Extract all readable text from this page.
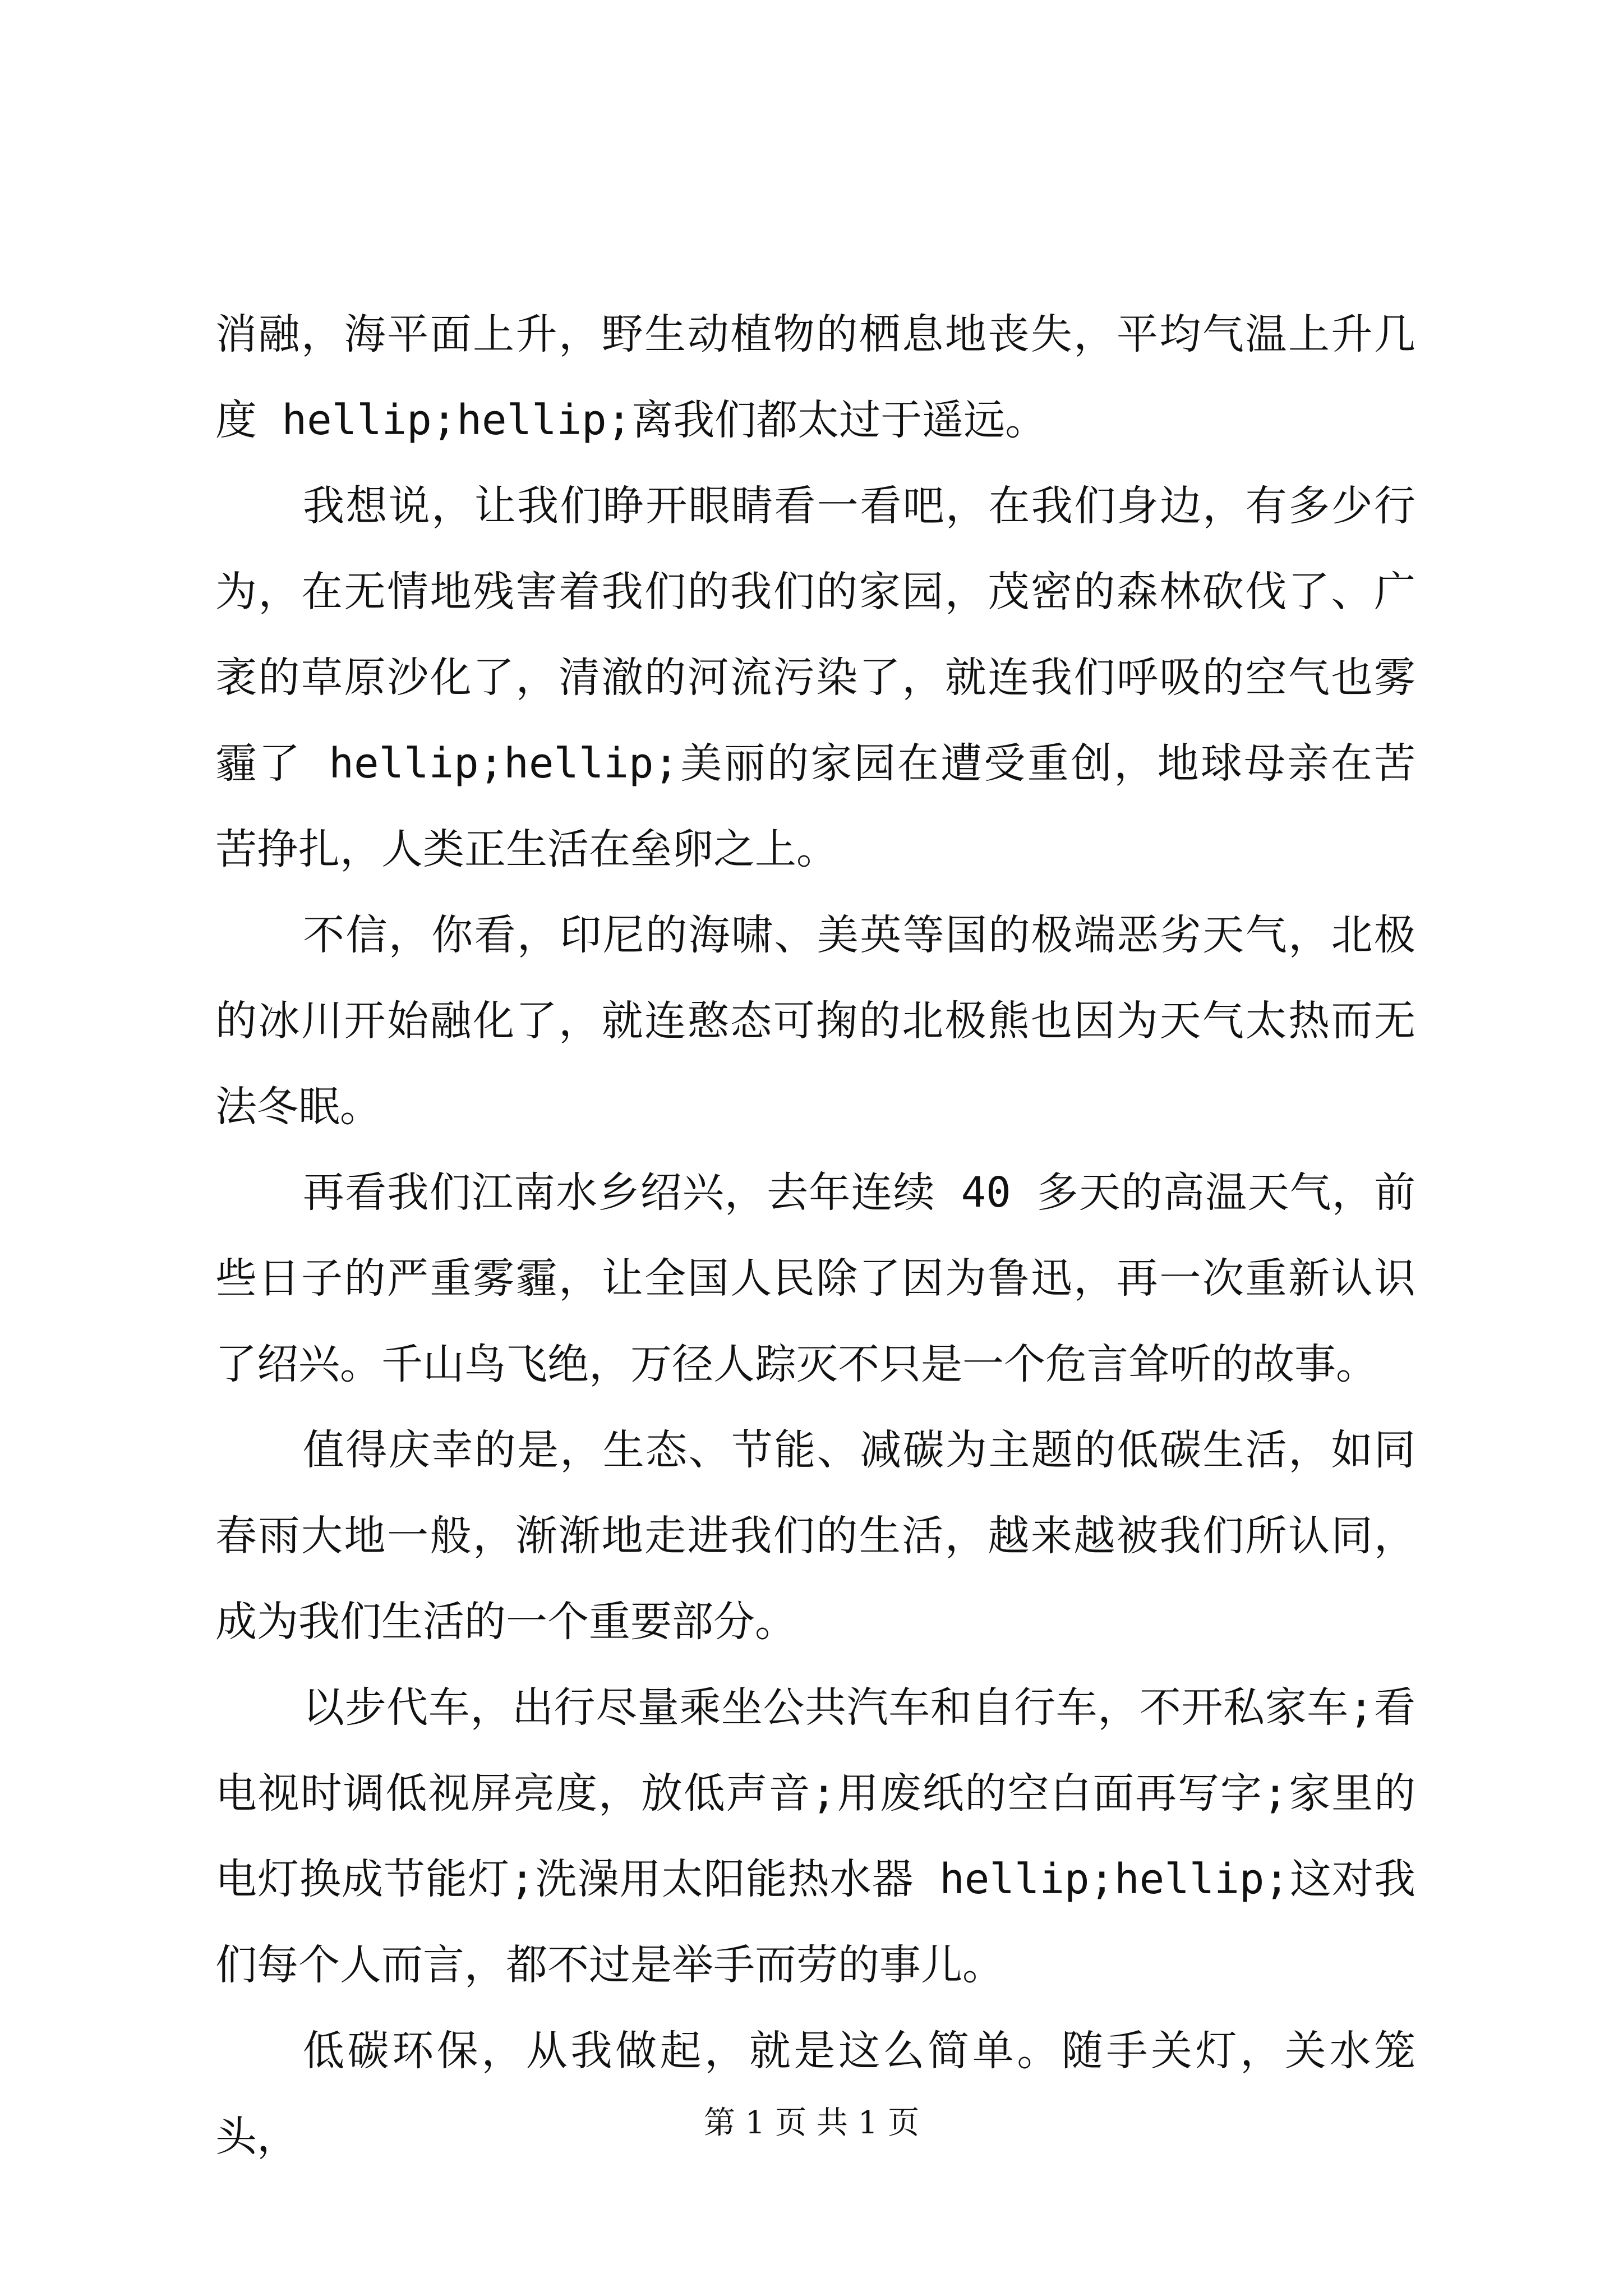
消融，海平面上升，野生动植物的栖息地丧失，平均气温上升几度 hellip;hellip;离我们都太过于遥远。

我想说，让我们睁开眼睛看一看吧，在我们身边，有多少行为，在无情地残害着我们的我们的家园，茂密的森林砍伐了、广袤的草原沙化了，清澈的河流污染了，就连我们呼吸的空气也雾霾了 hellip;hellip;美丽的家园在遭受重创，地球母亲在苦苦挣扎，人类正生活在垒卵之上。

不信，你看，印尼的海啸、美英等国的极端恶劣天气，北极的冰川开始融化了，就连憨态可掬的北极熊也因为天气太热而无法冬眠。

再看我们江南水乡绍兴，去年连续 40 多天的高温天气，前些日子的严重雾霾，让全国人民除了因为鲁迅，再一次重新认识了绍兴。千山鸟飞绝，万径人踪灭不只是一个危言耸听的故事。

值得庆幸的是，生态、节能、减碳为主题的低碳生活，如同春雨大地一般，渐渐地走进我们的生活，越来越被我们所认同，成为我们生活的一个重要部分。

以步代车，出行尽量乘坐公共汽车和自行车，不开私家车;看电视时调低视屏亮度，放低声音;用废纸的空白面再写字;家里的电灯换成节能灯;洗澡用太阳能热水器 hellip;hellip;这对我们每个人而言，都不过是举手而劳的事儿。

低碳环保，从我做起，就是这么简单。随手关灯，关水笼头，	第 1 页 共 1 页
